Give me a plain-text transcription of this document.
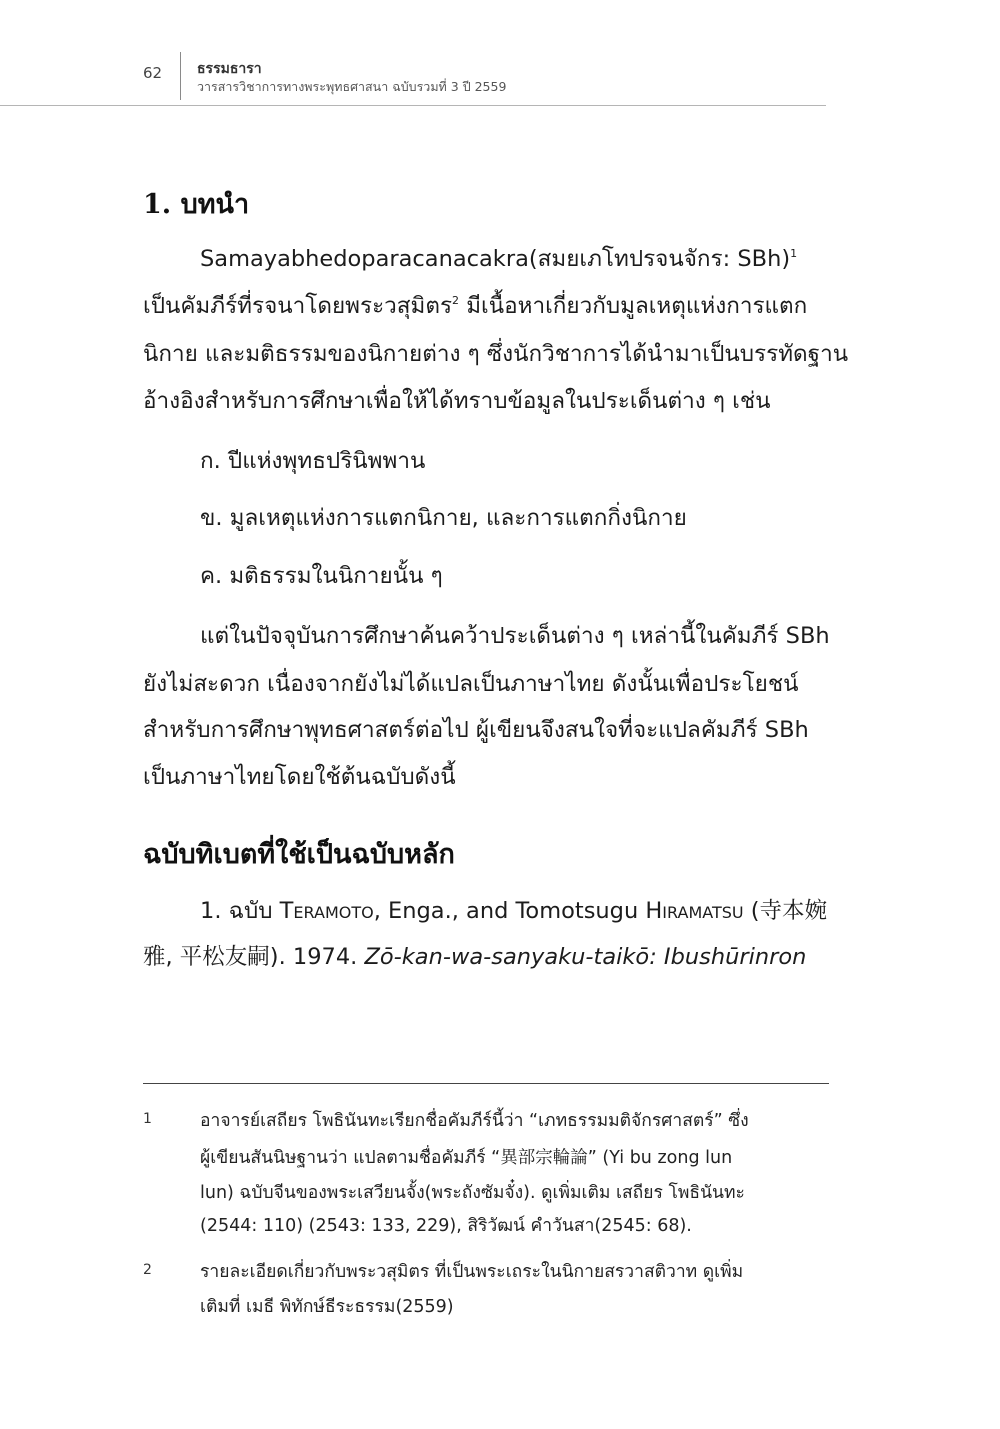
62 ธรรมธารา
วารสารวิชาการทางพระพุทธศาสนา ฉบับรวมที่ 3 ปี 2559
1. บทนำ
Samayabhedoparacanacakra(สมยเภโทปรจนจักร: SBh)$^1$
เป็นคัมภีร์ที่รจนาโดยพระวสุมิตร$^2$ มีเนื้อหาเกี่ยวกับมูลเหตุแห่งการแตก
นิกาย และมติธรรมของนิกายต่าง ๆ ซึ่งนักวิชาการได้นำมาเป็นบรรทัดฐาน
อ้างอิงสำหรับการศึกษาเพื่อให้ได้ทราบข้อมูลในประเด็นต่าง ๆ เช่น
ก. ปีแห่งพุทธปรินิพพาน
ข. มูลเหตุแห่งการแตกนิกาย, และการแตกกิ่งนิกาย
ค. มติธรรมในนิกายนั้น ๆ
แต่ในปัจจุบันการศึกษาค้นคว้าประเด็นต่าง ๆ เหล่านี้ในคัมภีร์ SBh
ยังไม่สะดวก เนื่องจากยังไม่ได้แปลเป็นภาษาไทย ดังนั้นเพื่อประโยชน์
สำหรับการศึกษาพุทธศาสตร์ต่อไป ผู้เขียนจึงสนใจที่จะแปลคัมภีร์ SBh
เป็นภาษาไทยโดยใช้ต้นฉบับดังนี้
ฉบับทิเบตที่ใช้เป็นฉบับหลัก
1. ฉบับ Teramoto, Enga., and Tomotsugu Hiramatsu (寺本婉
雅, 平松友嗣). 1974. Zō-kan-wa-sanyaku-taikō: Ibushūrinron
1	อาจารย์เสถียร โพธินันทะเรียกชื่อคัมภีร์นี้ว่า “เภทธรรมมติจักรศาสตร์” ซึ่ง
ผู้เขียนสันนิษฐานว่า แปลตามชื่อคัมภีร์ “異部宗輪論” (Yi bu zong lun
lun) ฉบับจีนของพระเสวียนจั้ง(พระถังซัมจั๋ง). ดูเพิ่มเติม เสถียร โพธินันทะ
(2544: 110) (2543: 133, 229), สิริวัฒน์ คำวันสา(2545: 68).
2	รายละเอียดเกี่ยวกับพระวสุมิตร ที่เป็นพระเถระในนิกายสรวาสติวาท ดูเพิ่ม
เติมที่ เมธี พิทักษ์ธีระธรรม(2559)
